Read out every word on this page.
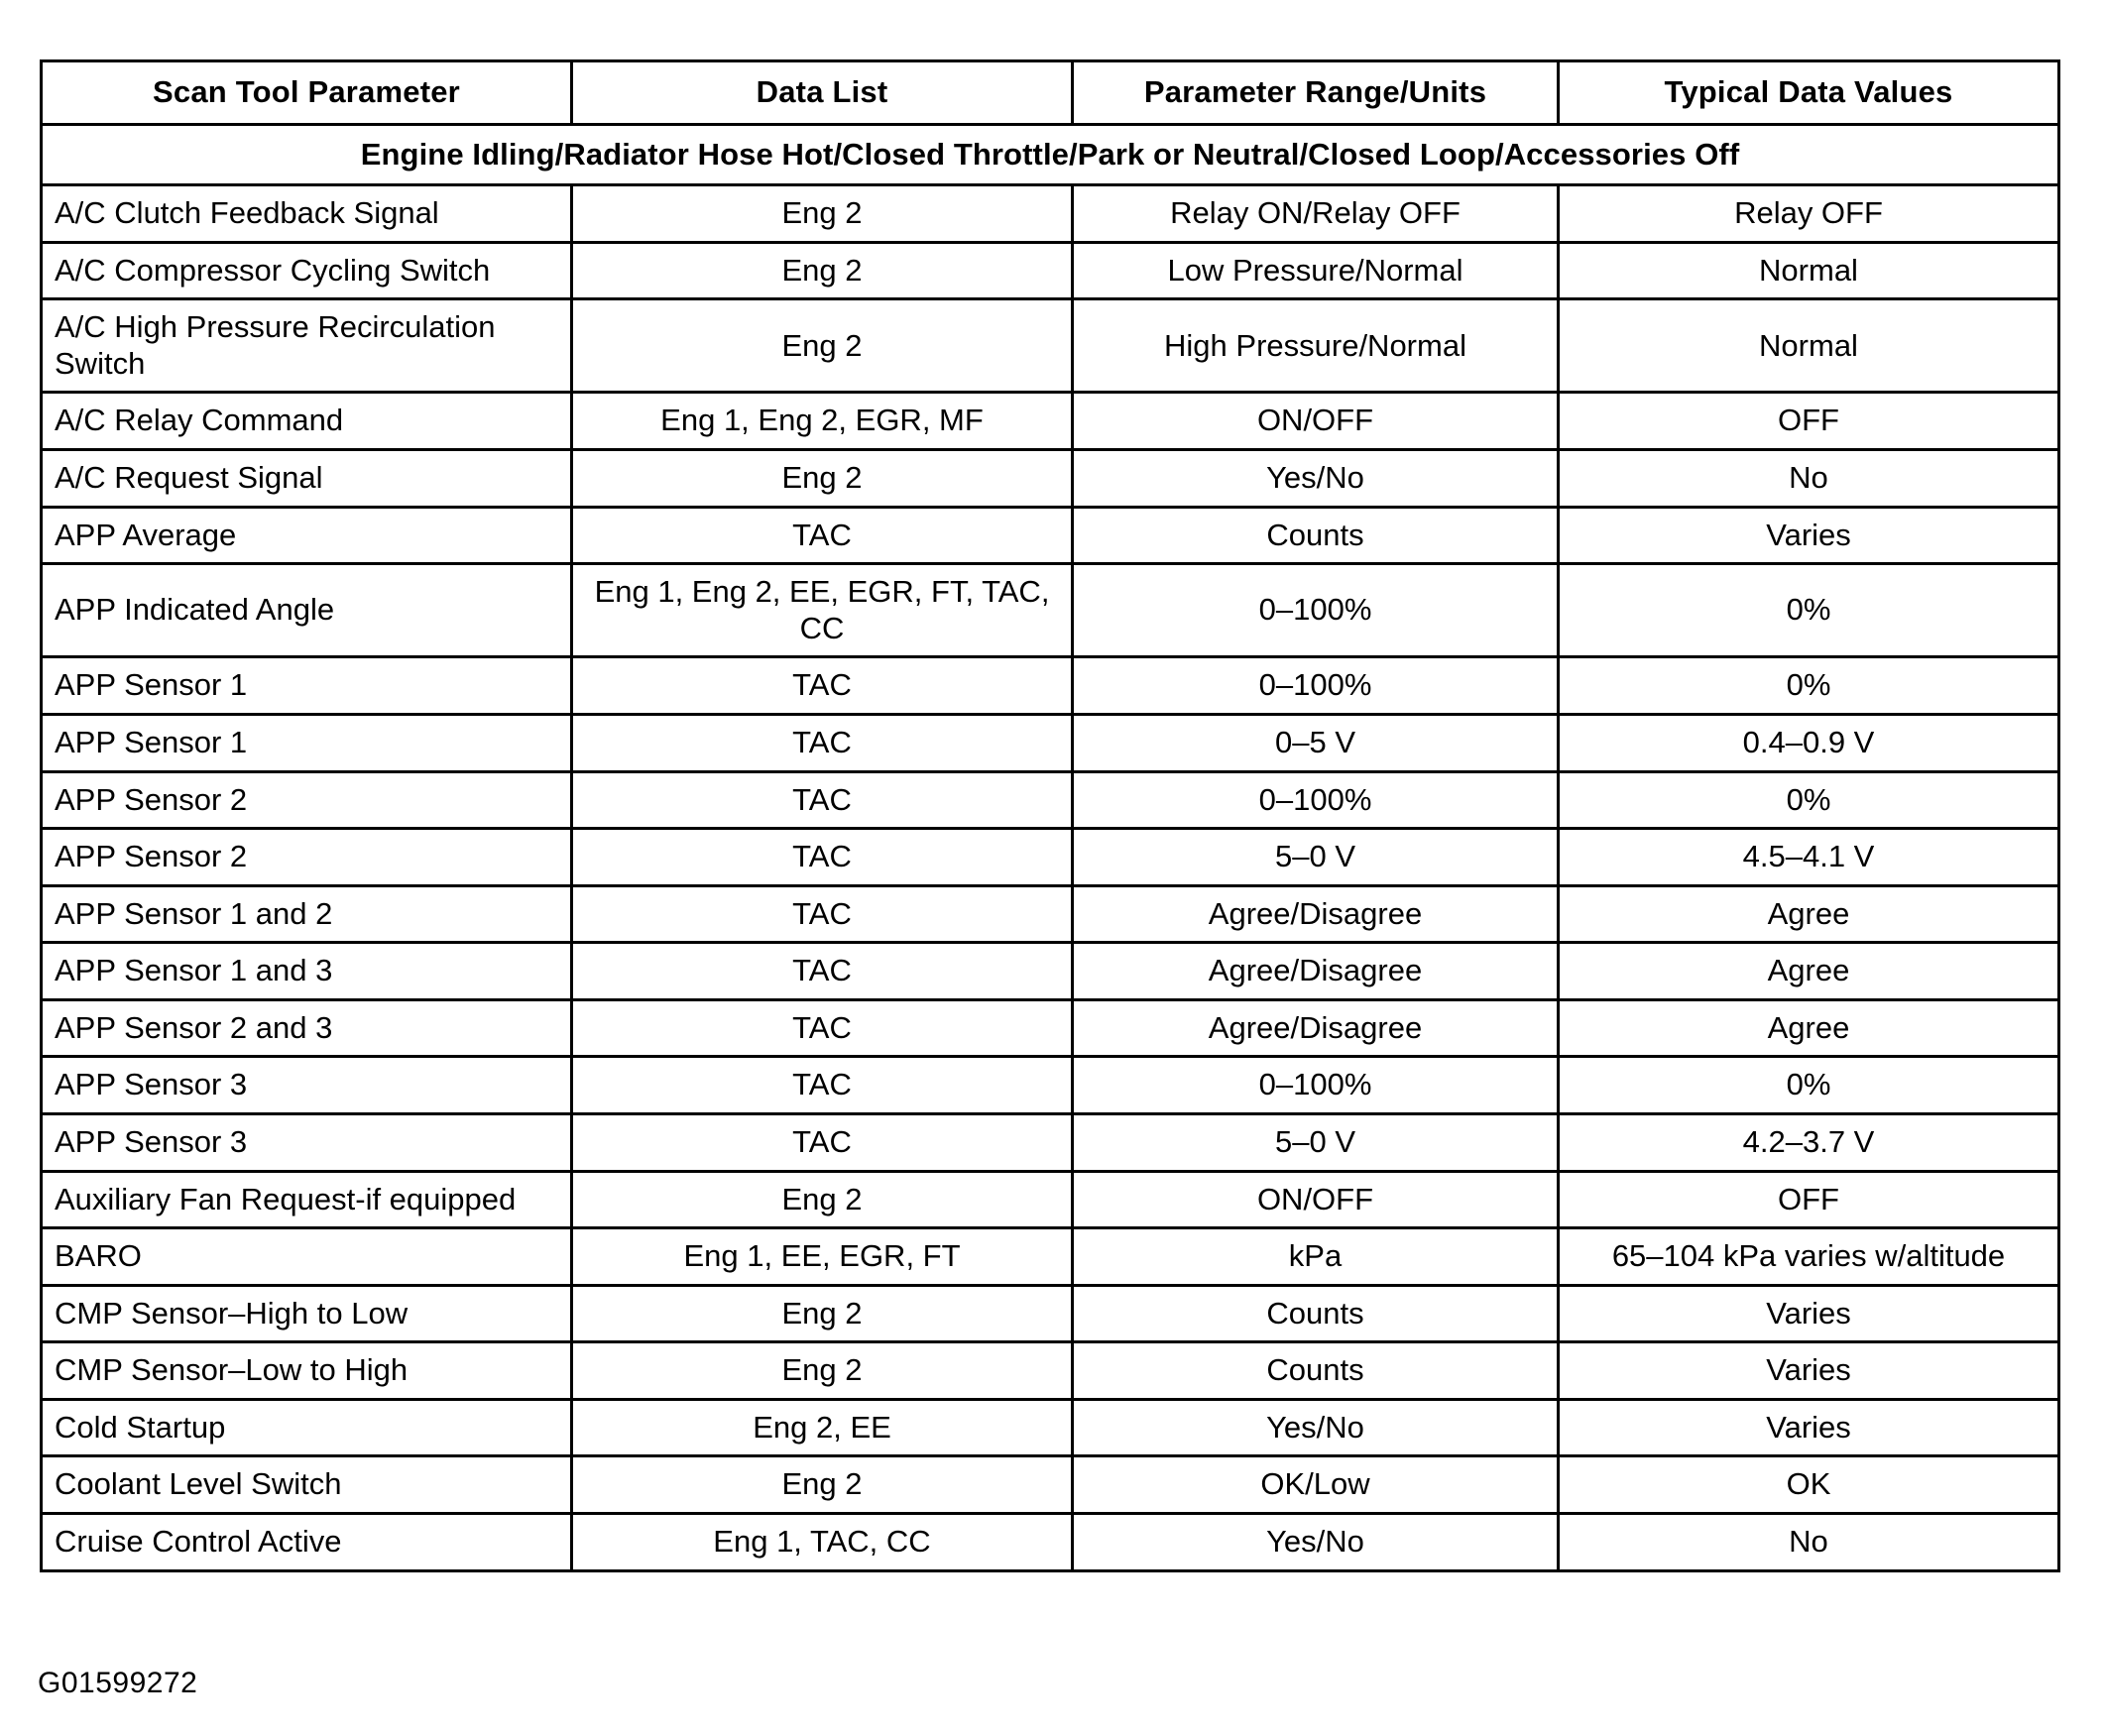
Scan Tool Parameter	Data List	Parameter Range/Units	Typical Data Values
Engine Idling/Radiator Hose Hot/Closed Throttle/Park or Neutral/Closed Loop/Accessories Off			
A/C Clutch Feedback Signal	Eng 2	Relay ON/Relay OFF	Relay OFF
A/C Compressor Cycling Switch	Eng 2	Low Pressure/Normal	Normal
A/C High Pressure Recirculation Switch	Eng 2	High Pressure/Normal	Normal
A/C Relay Command	Eng 1, Eng 2, EGR, MF	ON/OFF	OFF
A/C Request Signal	Eng 2	Yes/No	No
APP Average	TAC	Counts	Varies
APP Indicated Angle	Eng 1, Eng 2, EE, EGR, FT, TAC, CC	0–100%	0%
APP Sensor 1	TAC	0–100%	0%
APP Sensor 1	TAC	0–5 V	0.4–0.9 V
APP Sensor 2	TAC	0–100%	0%
APP Sensor 2	TAC	5–0 V	4.5–4.1 V
APP Sensor 1 and 2	TAC	Agree/Disagree	Agree
APP Sensor 1 and 3	TAC	Agree/Disagree	Agree
APP Sensor 2 and 3	TAC	Agree/Disagree	Agree
APP Sensor 3	TAC	0–100%	0%
APP Sensor 3	TAC	5–0 V	4.2–3.7 V
Auxiliary Fan Request-if equipped	Eng 2	ON/OFF	OFF
BARO	Eng 1, EE, EGR, FT	kPa	65–104 kPa varies w/altitude
CMP Sensor–High to Low	Eng 2	Counts	Varies
CMP Sensor–Low to High	Eng 2	Counts	Varies
Cold Startup	Eng 2, EE	Yes/No	Varies
Coolant Level Switch	Eng 2	OK/Low	OK
Cruise Control Active	Eng 1, TAC, CC	Yes/No	No
G01599272
